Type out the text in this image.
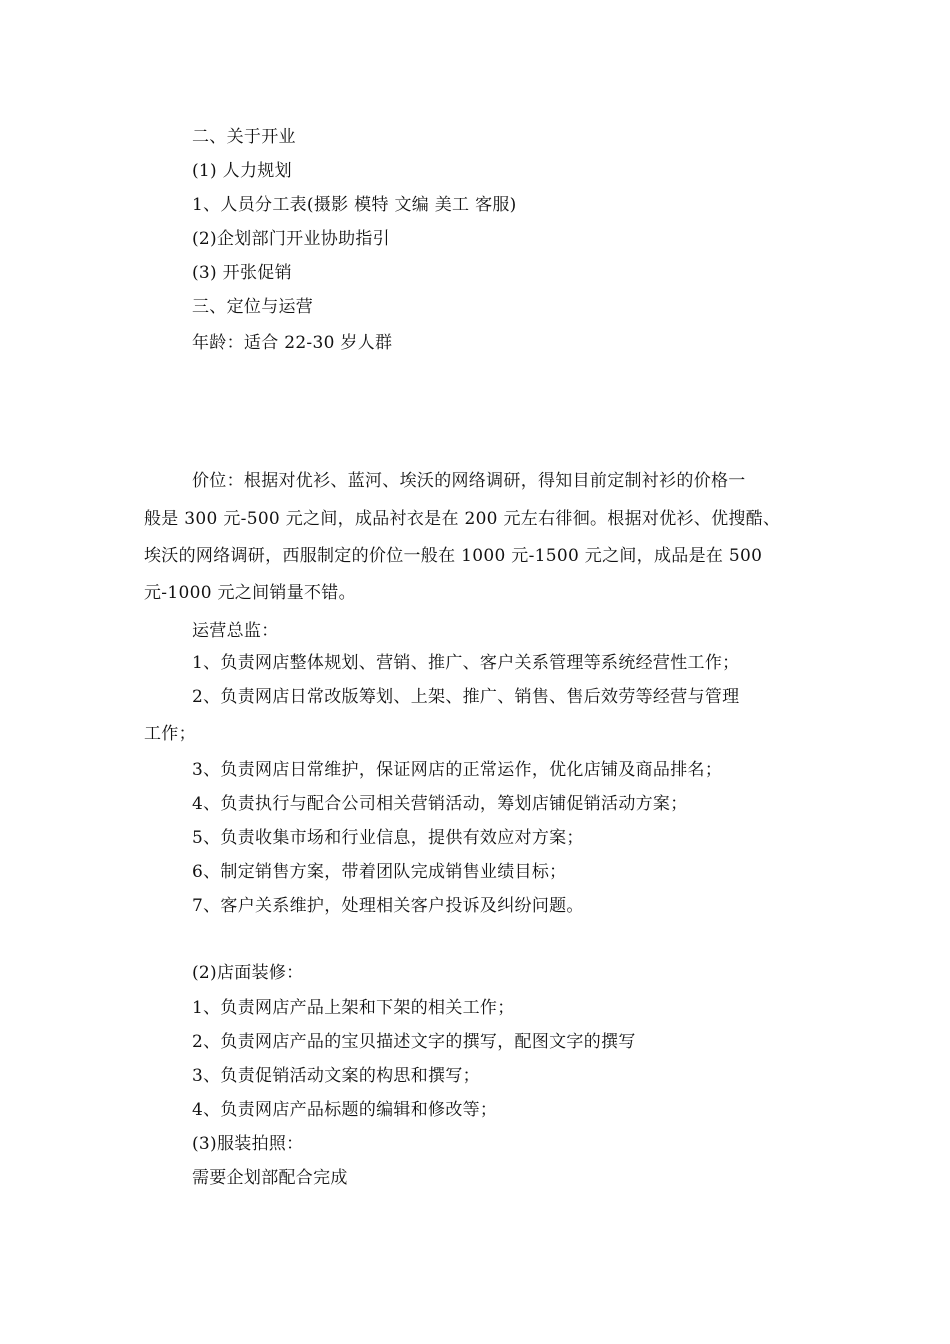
二、关于开业
(1) 人力规划
1、人员分工表(摄影 模特 文编 美工 客服)
(2)企划部门开业协助指引
(3) 开张促销
三、定位与运营
年龄：适合 22-30 岁人群
价位：根据对优衫、蓝河、埃沃的网络调研，得知目前定制衬衫的价格一
般是 300 元-500 元之间，成品衬衣是在 200 元左右徘徊。根据对优衫、优搜酷、
埃沃的网络调研，西服制定的价位一般在 1000 元-1500 元之间，成品是在 500
元-1000 元之间销量不错。
运营总监：
1、负责网店整体规划、营销、推广、客户关系管理等系统经营性工作；
2、负责网店日常改版筹划、上架、推广、销售、售后效劳等经营与管理
工作；
3、负责网店日常维护，保证网店的正常运作，优化店铺及商品排名；
4、负责执行与配合公司相关营销活动，筹划店铺促销活动方案；
5、负责收集市场和行业信息，提供有效应对方案；
6、制定销售方案，带着团队完成销售业绩目标；
7、客户关系维护，处理相关客户投诉及纠纷问题。
(2)店面装修：
1、负责网店产品上架和下架的相关工作；
2、负责网店产品的宝贝描述文字的撰写，配图文字的撰写
3、负责促销活动文案的构思和撰写；
4、负责网店产品标题的编辑和修改等；
(3)服装拍照：
需要企划部配合完成
